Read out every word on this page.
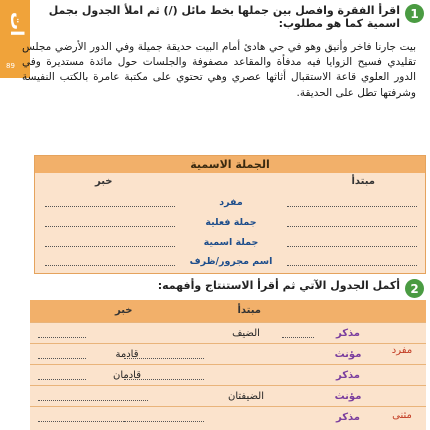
ات
89
1
اقرأ الفقرة وافصل بين جملها بخط مائل (/) ثم املأ الجدول بجمل اسمية كما هو مطلوب:
بيت جارنا فاخر وأنيق وهو في حي هادئ أمام البيت حديقة جميلة وفي الدور الأرضي مجلس تقليدي فسيح الزوايا فيه مدفأة والمقاعد مصفوفة والجلسات حول مائدة مستديرة وفي الدور العلوي قاعة الاستقبال أثاثها عصري وهي تحتوي على مكتبة عامرة بالكتب النفيسة وشرفتها تطل على الحديقة.
الجملة الاسمية
مبتدأ
خبر
مفرد
جملة فعلية
جملة اسمية
اسم مجرور/ظرف
2
أكمل الجدول الآتي ثم أقرأ الاستنتاج وأفهمه:
مبتدأ
خبر
مفرد
مثنى
مذكر
الضيف
مؤنث
قادمة
مذكر
قادمان
مؤنث
الضيفتان
مذكر
